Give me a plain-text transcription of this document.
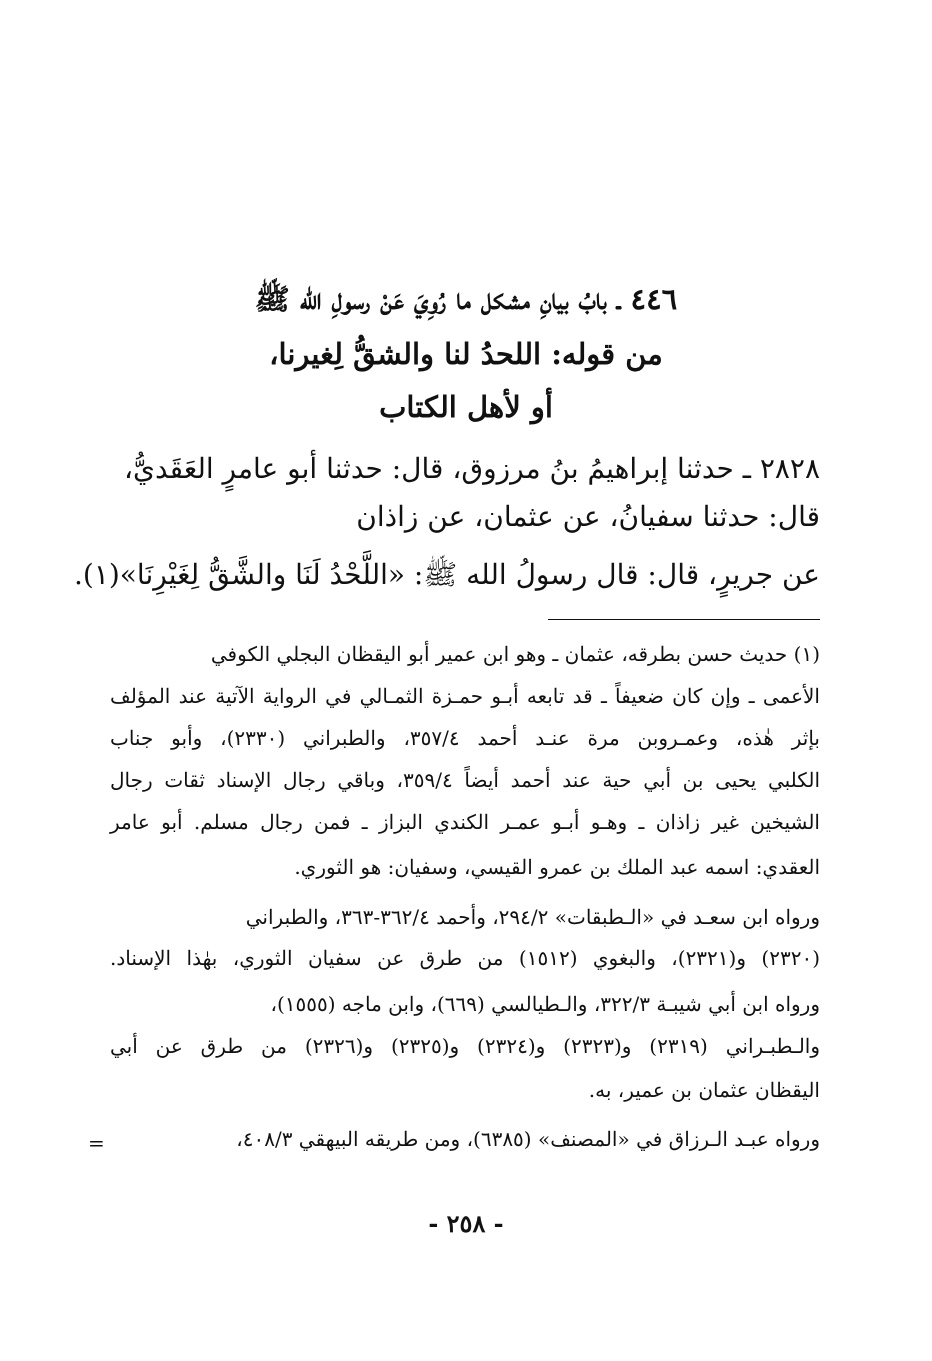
٤٤٦ ـ بابُ بيانِ مشكل ما رُوِيَ عَنْ رسولِ الله ﷺ
من قوله: اللحدُ لنا والشقُّ لِغيرنا،
أو لأهل الكتاب
٢٨٢٨ ـ حدثنا إبراهيمُ بنُ مرزوق، قال: حدثنا أبو عامرٍ العَقَديُّ،
قال: حدثنا سفيانُ، عن عثمان، عن زاذان
عن جريرٍ، قال: قال رسولُ الله ﷺ: «اللَّحْدُ لَنَا والشَّقُّ لِغَيْرِنَا»(١).
(١) حديث حسن بطرقه، عثمان ـ وهو ابن عمير أبو اليقظان البجلي الكوفي
الأعمى ـ وإن كان ضعيفاً ـ قد تابعه أبـو حمـزة الثمـالي في الرواية الآتية عند المؤلف
بإثر هٰذه، وعمـروبن مرة عنـد أحمد ٣٥٧/٤، والطبراني (٢٣٣٠)، وأبو جناب
الكلبي يحيى بن أبي حية عند أحمد أيضاً ٣٥٩/٤، وباقي رجال الإسناد ثقات رجال
الشيخين غير زاذان ـ وهـو أبـو عمـر الكندي البزاز ـ فمن رجال مسلم. أبو عامر
العقدي: اسمه عبد الملك بن عمرو القيسي، وسفيان: هو الثوري.
ورواه ابن سعـد في «الـطبقات» ٢٩٤/٢، وأحمد ٣٦٢/٤-٣٦٣، والطبراني
(٢٣٢٠) و(٢٣٢١)، والبغوي (١٥١٢) من طرق عن سفيان الثوري، بهٰذا الإسناد.
ورواه ابن أبي شيبـة ٣٢٢/٣، والـطيالسي (٦٦٩)، وابن ماجه (١٥٥٥)،
والـطبـراني (٢٣١٩) و(٢٣٢٣) و(٢٣٢٤) و(٢٣٢٥) و(٢٣٢٦) من طرق عن أبي
اليقظان عثمان بن عمير، به.
ورواه عبـد الـرزاق في «المصنف» (٦٣٨٥)، ومن طريقه البيهقي ٤٠٨/٣،
=
- ٢٥٨ -
